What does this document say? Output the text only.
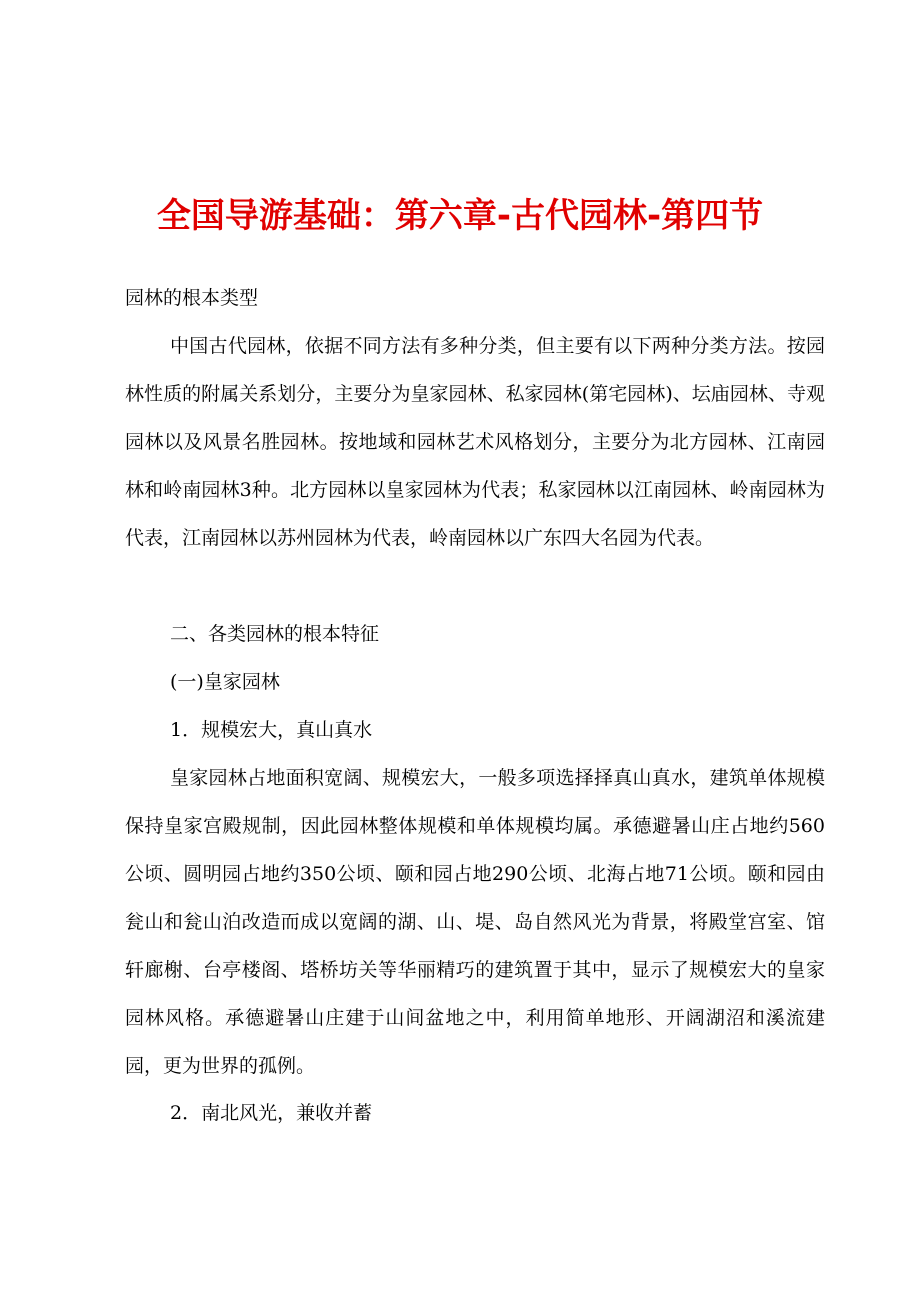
全国导游基础：第六章-古代园林-第四节
园林的根本类型
中国古代园林，依据不同方法有多种分类，但主要有以下两种分类方法。按园林性质的附属关系划分，主要分为皇家园林、私家园林(第宅园林)、坛庙园林、寺观园林以及风景名胜园林。按地域和园林艺术风格划分，主要分为北方园林、江南园林和岭南园林3种。北方园林以皇家园林为代表；私家园林以江南园林、岭南园林为代表，江南园林以苏州园林为代表，岭南园林以广东四大名园为代表。
二、各类园林的根本特征
(一)皇家园林
1．规模宏大，真山真水
皇家园林占地面积宽阔、规模宏大，一般多项选择择真山真水，建筑单体规模保持皇家宫殿规制，因此园林整体规模和单体规模均属。承德避暑山庄占地约560公顷、圆明园占地约350公顷、颐和园占地290公顷、北海占地71公顷。颐和园由瓮山和瓮山泊改造而成以宽阔的湖、山、堤、岛自然风光为背景，将殿堂宫室、馆轩廊榭、台亭楼阁、塔桥坊关等华丽精巧的建筑置于其中，显示了规模宏大的皇家园林风格。承德避暑山庄建于山间盆地之中，利用简单地形、开阔湖沼和溪流建园，更为世界的孤例。
2．南北风光，兼收并蓄
